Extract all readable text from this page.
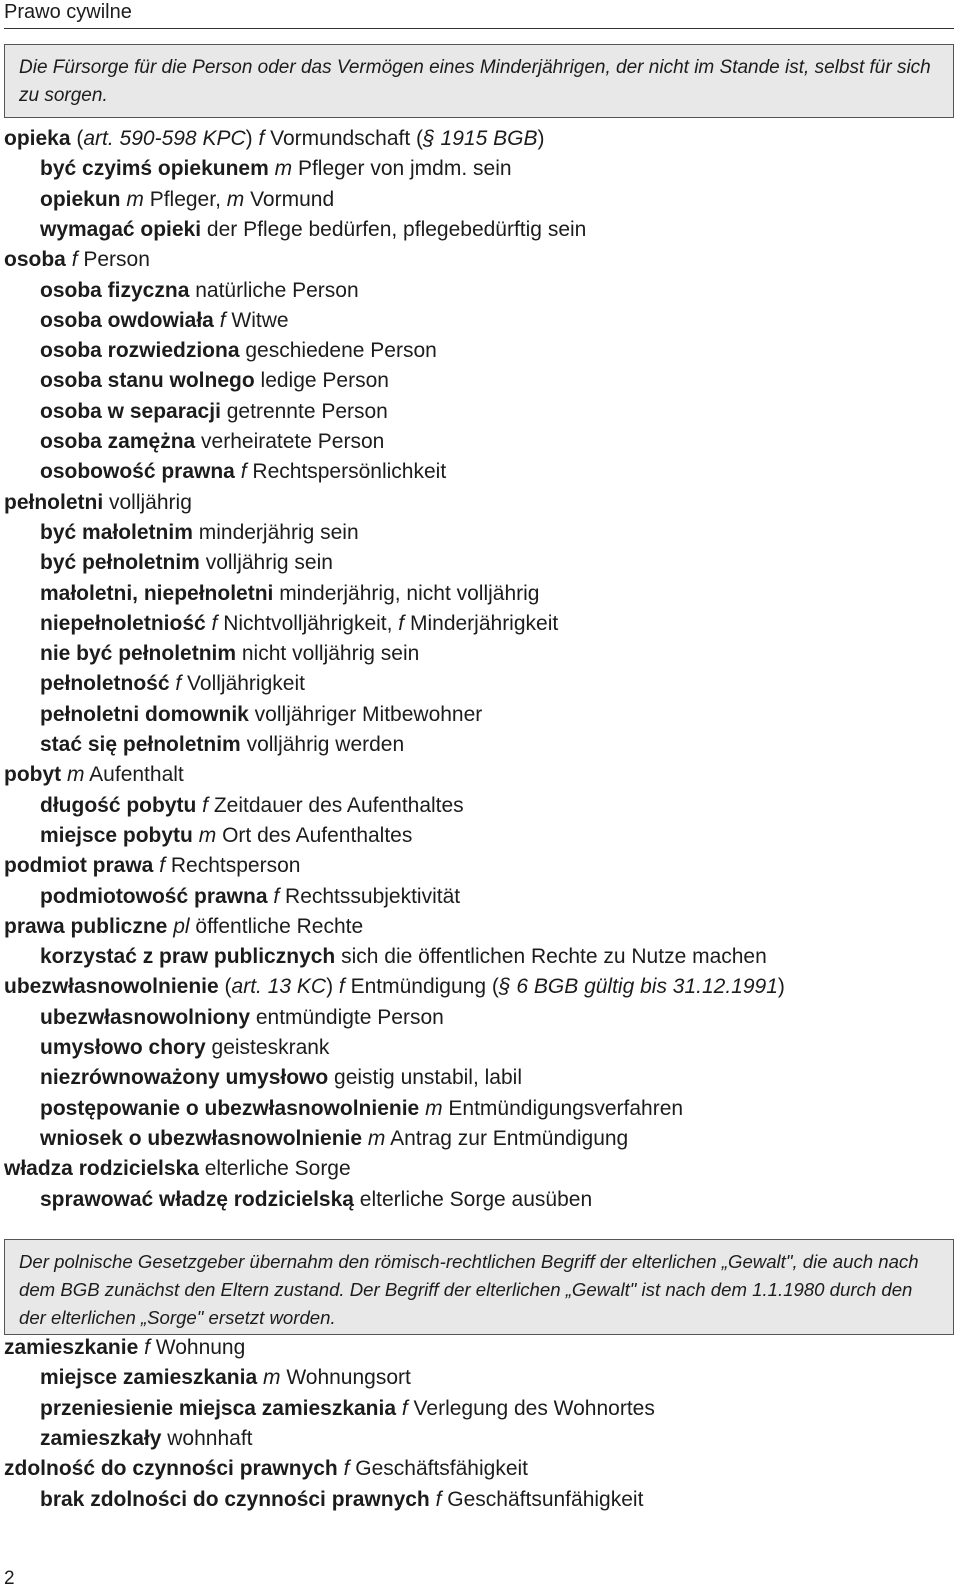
Prawo cywilne
Die Fürsorge für die Person oder das Vermögen eines Minderjährigen, der nicht im Stande ist, selbst für sich zu sorgen.
opieka (art. 590-598 KPC) f Vormundschaft (§ 1915 BGB)
być czyimś opiekunem m Pfleger von jmdm. sein
opiekun m Pfleger, m Vormund
wymagać opieki der Pflege bedürfen, pflegebedürftig sein
osoba f Person
osoba fizyczna natürliche Person
osoba owdowiała f Witwe
osoba rozwiedziona geschiedene Person
osoba stanu wolnego ledige Person
osoba w separacji getrennte Person
osoba zamężna verheiratete Person
osobowość prawna f Rechtspersönlichkeit
pełnoletni volljährig
być małoletnim minderjährig sein
być pełnoletnim volljährig sein
małoletni, niepełnoletni minderjährig, nicht volljährig
niepełnoletniość f Nichtvolljährigkeit, f Minderjährigkeit
nie być pełnoletnim nicht volljährig sein
pełnoletność f Volljährigkeit
pełnoletni domownik volljähriger Mitbewohner
stać się pełnoletnim volljährig werden
pobyt m Aufenthalt
długość pobytu f Zeitdauer des Aufenthaltes
miejsce pobytu m Ort des Aufenthaltes
podmiot prawa f Rechtsperson
podmiotowość prawna f Rechtssubjektivität
prawa publiczne pl öffentliche Rechte
korzystać z praw publicznych sich die öffentlichen Rechte zu Nutze machen
ubezwłasnowolnienie (art. 13 KC) f Entmündigung (§ 6 BGB gültig bis 31.12.1991)
ubezwłasnowolniony entmündigte Person
umysłowo chory geisteskrank
niezrównoważony umysłowo geistig unstabil, labil
postępowanie o ubezwłasnowolnienie m Entmündigungsverfahren
wniosek o ubezwłasnowolnienie m Antrag zur Entmündigung
władza rodzicielska elterliche Sorge
sprawować władzę rodzicielską elterliche Sorge ausüben
zamieszkanie f Wohnung
miejsce zamieszkania m Wohnungsort
przeniesienie miejsca zamieszkania f Verlegung des Wohnortes
zamieszkały wohnhaft
zdolność do czynności prawnych f Geschäftsfähigkeit
brak zdolności do czynności prawnych f Geschäftsunfähigkeit
Der polnische Gesetzgeber übernahm den römisch-rechtlichen Begriff der elterlichen „Gewalt", die auch nach dem BGB zunächst den Eltern zustand. Der Begriff der elterlichen „Gewalt" ist nach dem 1.1.1980 durch den der elterlichen „Sorge" ersetzt worden.
2
